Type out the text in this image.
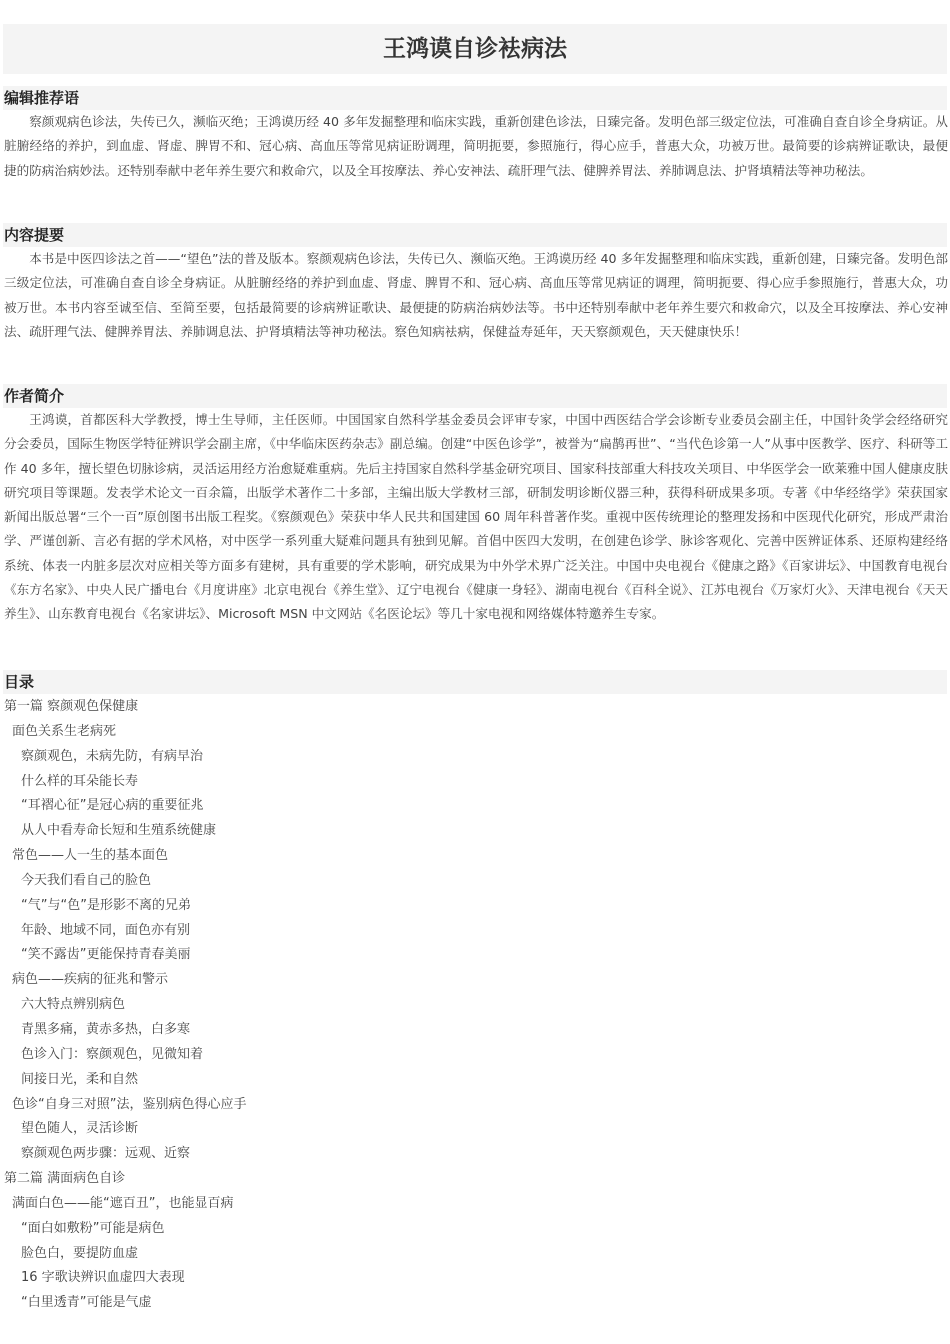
王鸿谟自诊袪病法
编辑推荐语
察颜观病色诊法，失传已久，濒临灭绝；王鸿谟历经 40 多年发掘整理和临床实践，重新创建色诊法，日臻完备。发明色部三级定位法，可准确自查自诊全身病证。从脏腑经络的养护，到血虚、肾虚、脾胃不和、冠心病、高血压等常见病证盼调理，简明扼要，参照施行，得心应手，普惠大众，功被万世。最简要的诊病辨证歌诀，最便捷的防病治病妙法。还特别奉献中老年养生要穴和救命穴，以及全耳按摩法、养心安神法、疏肝理气法、健脾养胃法、养肺调息法、护肾填精法等神功秘法。
内容提要
本书是中医四诊法之首——“望色”法的普及版本。察颜观病色诊法，失传已久、濒临灭绝。王鸿谟历经 40 多年发掘整理和临床实践，重新创建，日臻完备。发明色部三级定位法，可准确自查自诊全身病证。从脏腑经络的养护到血虚、肾虚、脾胃不和、冠心病、高血压等常见病证的调理，简明扼要、得心应手参照施行，普惠大众，功被万世。本书内容至诚至信、至简至要，包括最简要的诊病辨证歌诀、最便捷的防病治病妙法等。书中还特别奉献中老年养生要穴和救命穴，以及全耳按摩法、养心安神法、疏肝理气法、健脾养胃法、养肺调息法、护肾填精法等神功秘法。察色知病袪病，保健益寿延年，天天察颜观色，天天健康快乐！
作者简介
王鸿谟，首都医科大学教授，博士生导师，主任医师。中国国家自然科学基金委员会评审专家，中国中西医结合学会诊断专业委员会副主任，中国针灸学会经络研究分会委员，国际生物医学特征辨识学会副主席，《中华临床医药杂志》副总编。创建“中医色诊学”，被誉为“扁鹊再世”、“当代色诊第一人”从事中医教学、医疗、科研等工作 40 多年，擅长望色切脉诊病，灵活运用经方治愈疑难重病。先后主持国家自然科学基金研究项目、国家科技部重大科技攻关项目、中华医学会一欧莱雅中国人健康皮肤研究项目等课题。发表学术论文一百余篇，出版学术著作二十多部，主编出版大学教材三部，研制发明诊断仪器三种，获得科研成果多项。专著《中华经络学》荣获国家新闻出版总署“三个一百”原创图书出版工程奖。《察颜观色》荣获中华人民共和国建国 60 周年科普著作奖。重视中医传统理论的整理发扬和中医现代化研究，形成严肃治学、严谨创新、言必有据的学术风格，对中医学一系列重大疑难问题具有独到见解。首倡中医四大发明，在创建色诊学、脉诊客观化、完善中医辨证体系、还原构建经络系统、体表一内脏多层次对应相关等方面多有建树，具有重要的学术影响，研究成果为中外学术界广泛关注。中国中央电视台《健康之路》《百家讲坛》、中国教育电视台《东方名家》、中央人民广播电台《月度讲座》北京电视台《养生堂》、辽宁电视台《健康一身轻》、湖南电视台《百科全说》、江苏电视台《万家灯火》、天津电视台《天天养生》、山东教育电视台《名家讲坛》、Microsoft MSN 中文网站《名医论坛》等几十家电视和网络媒体特邀养生专家。
目录
第一篇 察颜观色保健康
面色关系生老病死
察颜观色，未病先防，有病早治
什么样的耳朵能长寿
“耳褶心征”是冠心病的重要征兆
从人中看寿命长短和生殖系统健康
常色——人一生的基本面色
今天我们看自己的脸色
“气”与“色”是形影不离的兄弟
年龄、地域不同，面色亦有别
“笑不露齿”更能保持青春美丽
病色——疾病的征兆和警示
六大特点辨别病色
青黑多痛，黄赤多热，白多寒
色诊入门：察颜观色，见微知着
间接日光，柔和自然
色诊“自身三对照”法，鉴别病色得心应手
望色随人，灵活诊断
察颜观色两步骤：远观、近察
第二篇 满面病色自诊
满面白色——能“遮百丑”，也能显百病
“面白如敷粉”可能是病色
脸色白，要提防血虚
16 字歌诀辨识血虚四大表现
“白里透青”可能是气虚
